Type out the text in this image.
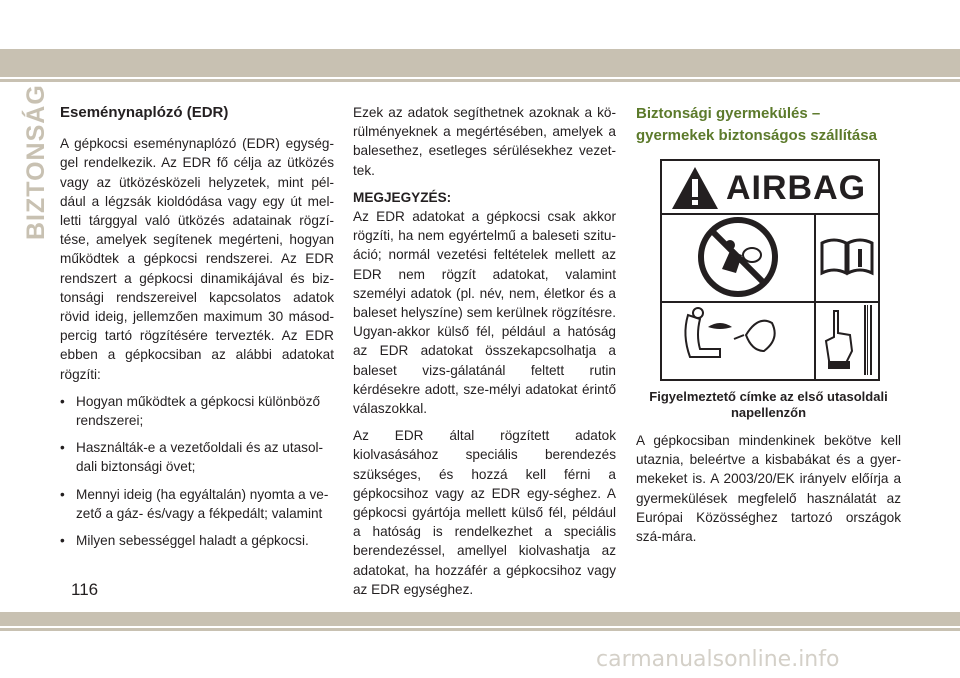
BIZTONSÁG Eseménynaplózó (EDR)

A gépkocsi eseménynaplózó (EDR) egység-gel rendelkezik. Az EDR fő célja az ütközés vagy az ütközésközeli helyzetek, mint pél-dául a légzsák kioldódása vagy egy út mel-letti tárggyal való ütközés adatainak rögzí-tése, amelyek segítenek megérteni, hogyan működtek a gépkocsi rendszerei. Az EDR rendszert a gépkocsi dinamikájával és biz-tonsági rendszereivel kapcsolatos adatok rövid ideig, jellemzően maximum 30 másod-percig tartó rögzítésére tervezték. Az EDR ebben a gépkocsiban az alábbi adatokat rögzíti:

• Hogyan működtek a gépkocsi különböző rendszerei;
• Használták-e a vezetőoldali és az utasol-dali biztonsági övet;
• Mennyi ideig (ha egyáltalán) nyomta a ve-zető a gáz- és/vagy a fékpedált; valamint
• Milyen sebességgel haladt a gépkocsi.

Ezek az adatok segíthetnek azoknak a kö-rülményeknek a megértésében, amelyek a balesethez, esetleges sérülésekhez vezet-tek.

MEGJEGYZÉS:
Az EDR adatokat a gépkocsi csak akkor rögzíti, ha nem egyértelmű a baleseti szitu-áció; normál vezetési feltételek mellett az EDR nem rögzít adatokat, valamint személyi adatok (pl. név, nem, életkor és a baleset helyszíne) sem kerülnek rögzítésre. Ugyan-akkor külső fél, például a hatóság az EDR adatokat összekapcsolhatja a baleset vizs-gálatánál feltett rutin kérdésekre adott, sze-mélyi adatokat érintő válaszokkal.

Az EDR által rögzített adatok kiolvasásához speciális berendezés szükséges, és hozzá kell férni a gépkocsihoz vagy az EDR egy-séghez. A gépkocsi gyártója mellett külső fél, például a hatóság is rendelkezhet a speciális berendezéssel, amellyel kiolvashatja az adatokat, ha hozzáfér a gépkocsihoz vagy az EDR egységhez.

Biztonsági gyermekülés – gyermekek biztonságos szállítása
AIRBAG
Figyelmeztető címke az első utasoldali napellenzőn

A gépkocsiban mindenkinek bekötve kell utaznia, beleértve a kisbabákat és a gyer-mekeket is. A 2003/20/EK irányelv előírja a gyermekülések megfelelő használatát az Európai Közösséghez tartozó országok szá-mára.

116
carmanualsonline.info
